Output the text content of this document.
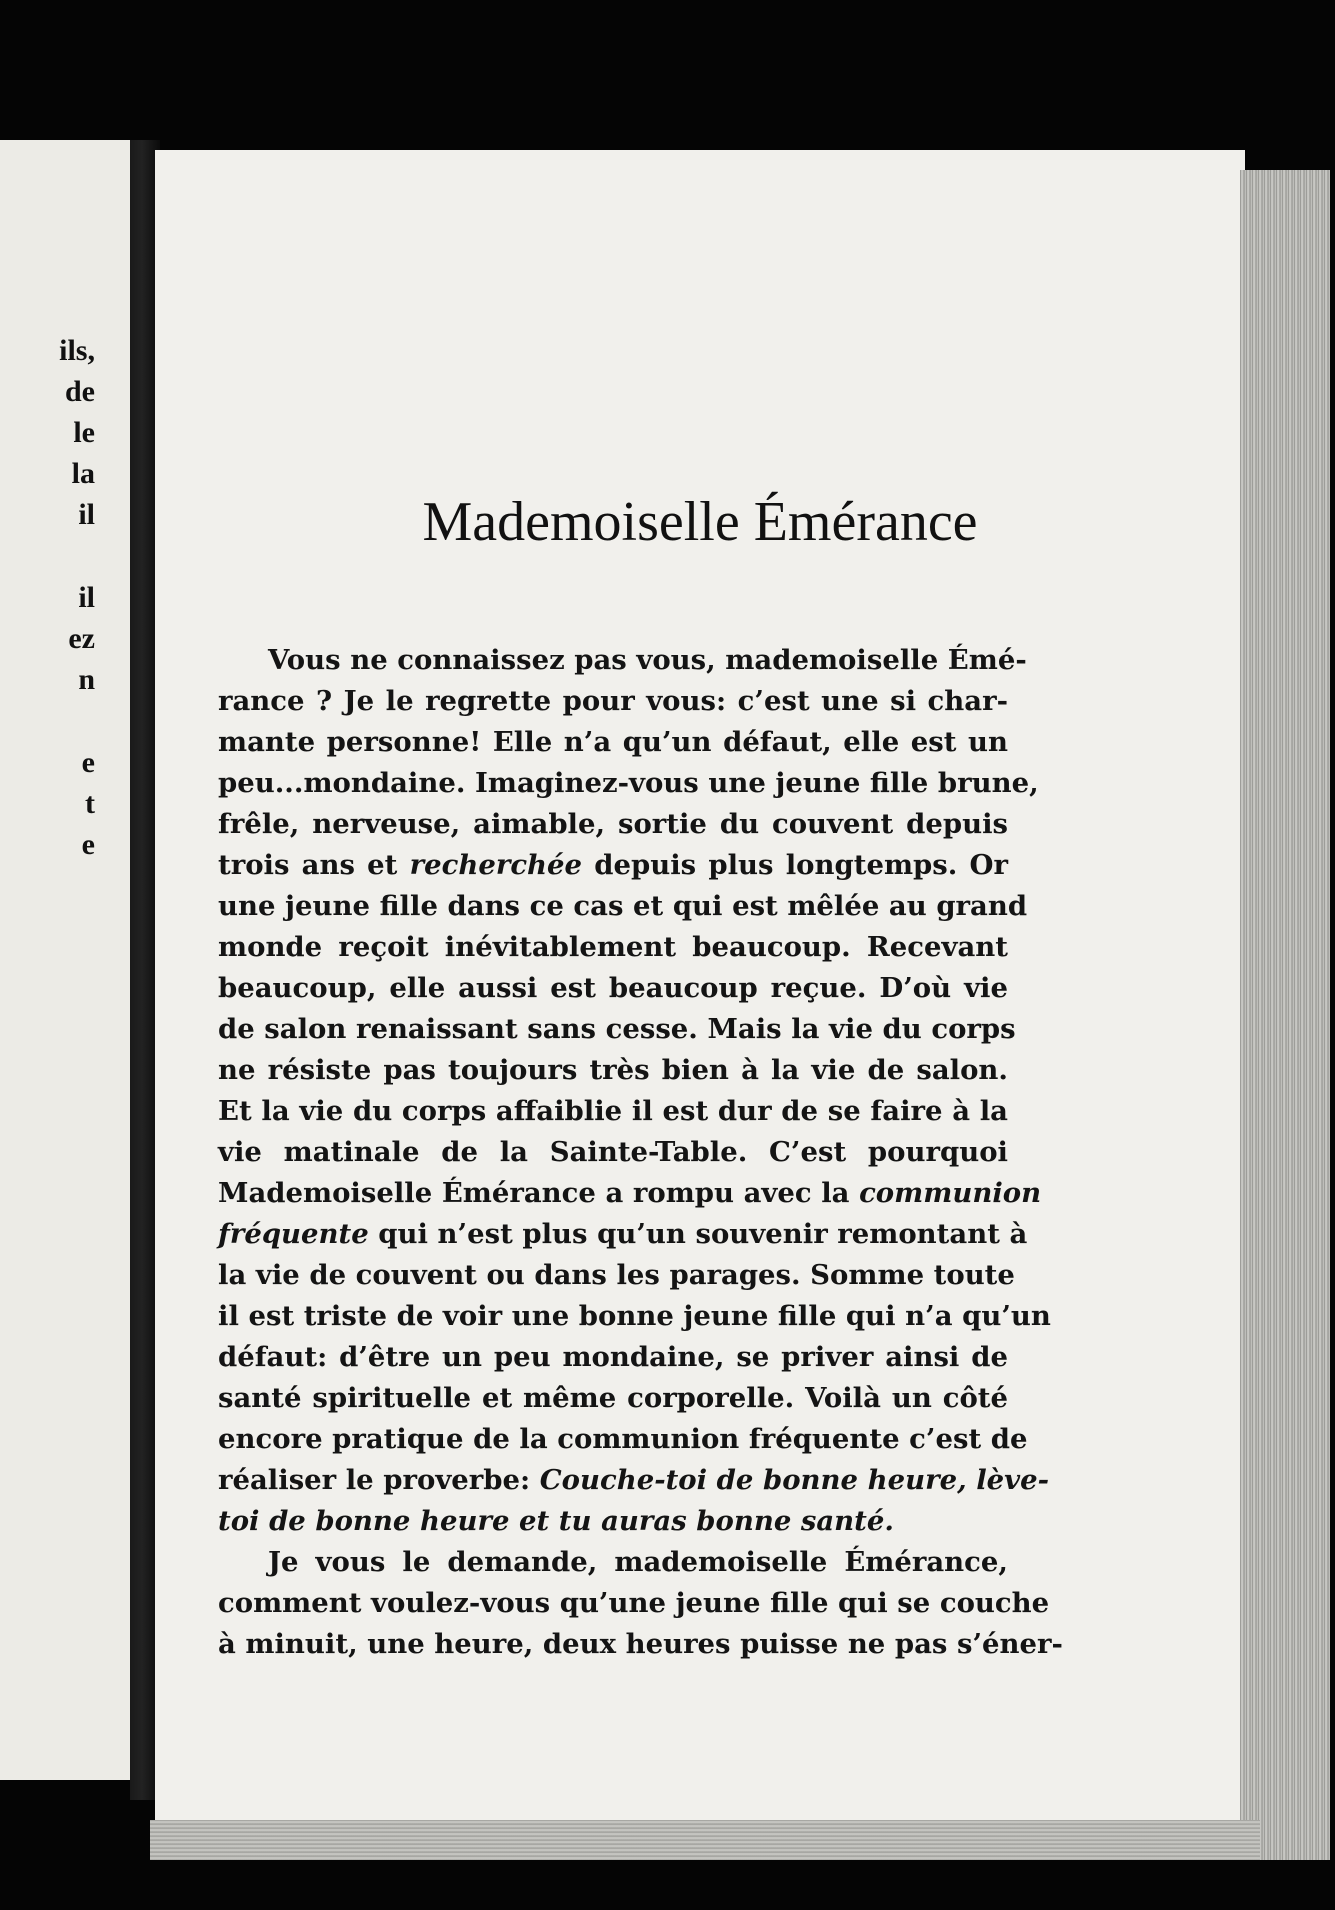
ils,
de
le
la
il
il
ez
n
e
t
e
Mademoiselle Émérance
Vous ne connaissez pas vous, mademoiselle Émé-
rance ? Je le regrette pour vous: c’est une si char-
mante personne! Elle n’a qu’un défaut, elle est un
peu...mondaine. Imaginez-vous une jeune fille brune,
frêle, nerveuse, aimable, sortie du couvent depuis
trois ans et recherchée depuis plus longtemps. Or
une jeune fille dans ce cas et qui est mêlée au grand
monde reçoit inévitablement beaucoup. Recevant
beaucoup, elle aussi est beaucoup reçue. D’où vie
de salon renaissant sans cesse. Mais la vie du corps
ne résiste pas toujours très bien à la vie de salon.
Et la vie du corps affaiblie il est dur de se faire à la
vie matinale de la Sainte-Table. C’est pourquoi
Mademoiselle Émérance a rompu avec la communion
fréquente qui n’est plus qu’un souvenir remontant à
la vie de couvent ou dans les parages. Somme toute
il est triste de voir une bonne jeune fille qui n’a qu’un
défaut: d’être un peu mondaine, se priver ainsi de
santé spirituelle et même corporelle. Voilà un côté
encore pratique de la communion fréquente c’est de
réaliser le proverbe: Couche-toi de bonne heure, lève-
toi de bonne heure et tu auras bonne santé.
Je vous le demande, mademoiselle Émérance,
comment voulez-vous qu’une jeune fille qui se couche
à minuit, une heure, deux heures puisse ne pas s’éner-
